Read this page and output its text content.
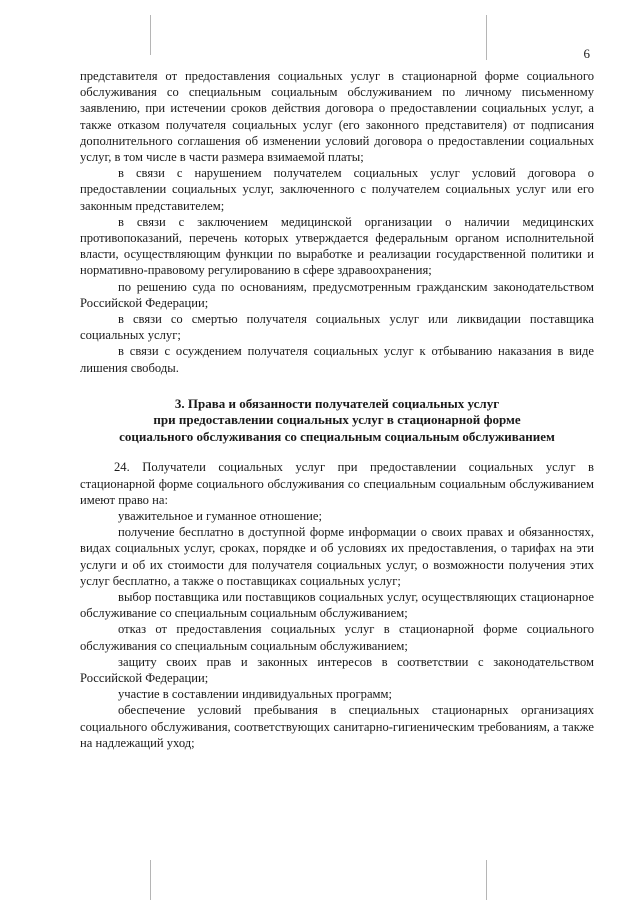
6

представителя от предоставления социальных услуг в стационарной форме социального обслуживания со специальным социальным обслуживанием по личному письменному заявлению, при истечении сроков действия договора о предоставлении социальных услуг, а также отказом получателя социальных услуг (его законного представителя) от подписания дополнительного соглашения об изменении условий договора о предоставлении социальных услуг, в том числе в части размера взимаемой платы;

в связи с нарушением получателем социальных услуг условий договора о предоставлении социальных услуг, заключенного с получателем социальных услуг или его законным представителем;

в связи с заключением медицинской организации о наличии медицинских противопоказаний, перечень которых утверждается федеральным органом исполнительной власти, осуществляющим функции по выработке и реализации государственной политики и нормативно-правовому регулированию в сфере здравоохранения;

по решению суда по основаниям, предусмотренным гражданским законодательством Российской Федерации;

в связи со смертью получателя социальных услуг или ликвидации поставщика социальных услуг;

в связи с осуждением получателя социальных услуг к отбыванию наказания в виде лишения свободы.

3. Права и обязанности получателей социальных услуг
при предоставлении социальных услуг в стационарной форме
социального обслуживания со специальным социальным обслуживанием

24. Получатели социальных услуг при предоставлении социальных услуг в стационарной форме социального обслуживания со специальным социальным обслуживанием имеют право на:

уважительное и гуманное отношение;

получение бесплатно в доступной форме информации о своих правах и обязанностях, видах социальных услуг, сроках, порядке и об условиях их предоставления, о тарифах на эти услуги и об их стоимости для получателя социальных услуг, о возможности получения этих услуг бесплатно, а также о поставщиках социальных услуг;

выбор поставщика или поставщиков социальных услуг, осуществляющих стационарное обслуживание со специальным социальным обслуживанием;

отказ от предоставления социальных услуг в стационарной форме социального обслуживания со специальным социальным обслуживанием;

защиту своих прав и законных интересов в соответствии с законодательством Российской Федерации;

участие в составлении индивидуальных программ;

обеспечение условий пребывания в специальных стационарных организациях социального обслуживания, соответствующих санитарно-гигиеническим требованиям, а также на надлежащий уход;
